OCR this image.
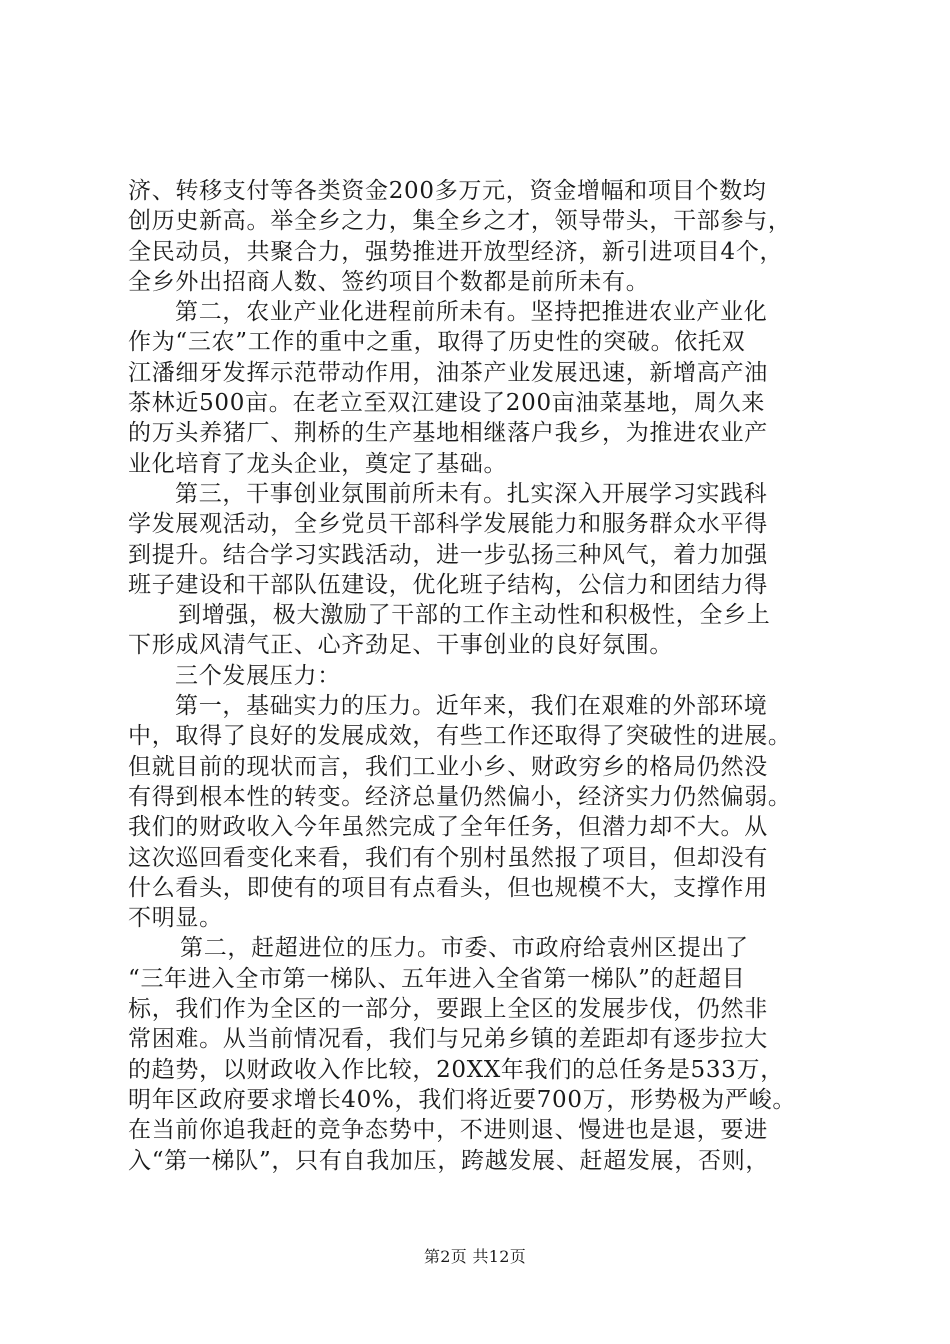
济、转移支付等各类资金200多万元，资金增幅和项目个数均
创历史新高。举全乡之力，集全乡之才，领导带头，干部参与，
全民动员，共聚合力，强势推进开放型经济，新引进项目4个，
全乡外出招商人数、签约项目个数都是前所未有。
第二，农业产业化进程前所未有。坚持把推进农业产业化
作为“三农”工作的重中之重，取得了历史性的突破。依托双
江潘细牙发挥示范带动作用，油茶产业发展迅速，新增高产油
茶林近500亩。在老立至双江建设了200亩油菜基地，周久来
的万头养猪厂、荆桥的生产基地相继落户我乡，为推进农业产
业化培育了龙头企业，奠定了基础。
第三，干事创业氛围前所未有。扎实深入开展学习实践科
学发展观活动，全乡党员干部科学发展能力和服务群众水平得
到提升。结合学习实践活动，进一步弘扬三种风气，着力加强
班子建设和干部队伍建设，优化班子结构，公信力和团结力得
到增强，极大激励了干部的工作主动性和积极性，全乡上
下形成风清气正、心齐劲足、干事创业的良好氛围。
三个发展压力：
第一，基础实力的压力。近年来，我们在艰难的外部环境
中，取得了良好的发展成效，有些工作还取得了突破性的进展。
但就目前的现状而言，我们工业小乡、财政穷乡的格局仍然没
有得到根本性的转变。经济总量仍然偏小，经济实力仍然偏弱。
我们的财政收入今年虽然完成了全年任务，但潜力却不大。从
这次巡回看变化来看，我们有个别村虽然报了项目，但却没有
什么看头，即使有的项目有点看头，但也规模不大，支撑作用
不明显。
第二，赶超进位的压力。市委、市政府给袁州区提出了
“三年进入全市第一梯队、五年进入全省第一梯队”的赶超目
标，我们作为全区的一部分，要跟上全区的发展步伐，仍然非
常困难。从当前情况看，我们与兄弟乡镇的差距却有逐步拉大
的趋势，以财政收入作比较，20XX年我们的总任务是533万，
明年区政府要求增长40%，我们将近要700万，形势极为严峻。
在当前你追我赶的竞争态势中，不进则退、慢进也是退，要进
入“第一梯队”，只有自我加压，跨越发展、赶超发展，否则，
第2页 共12页
